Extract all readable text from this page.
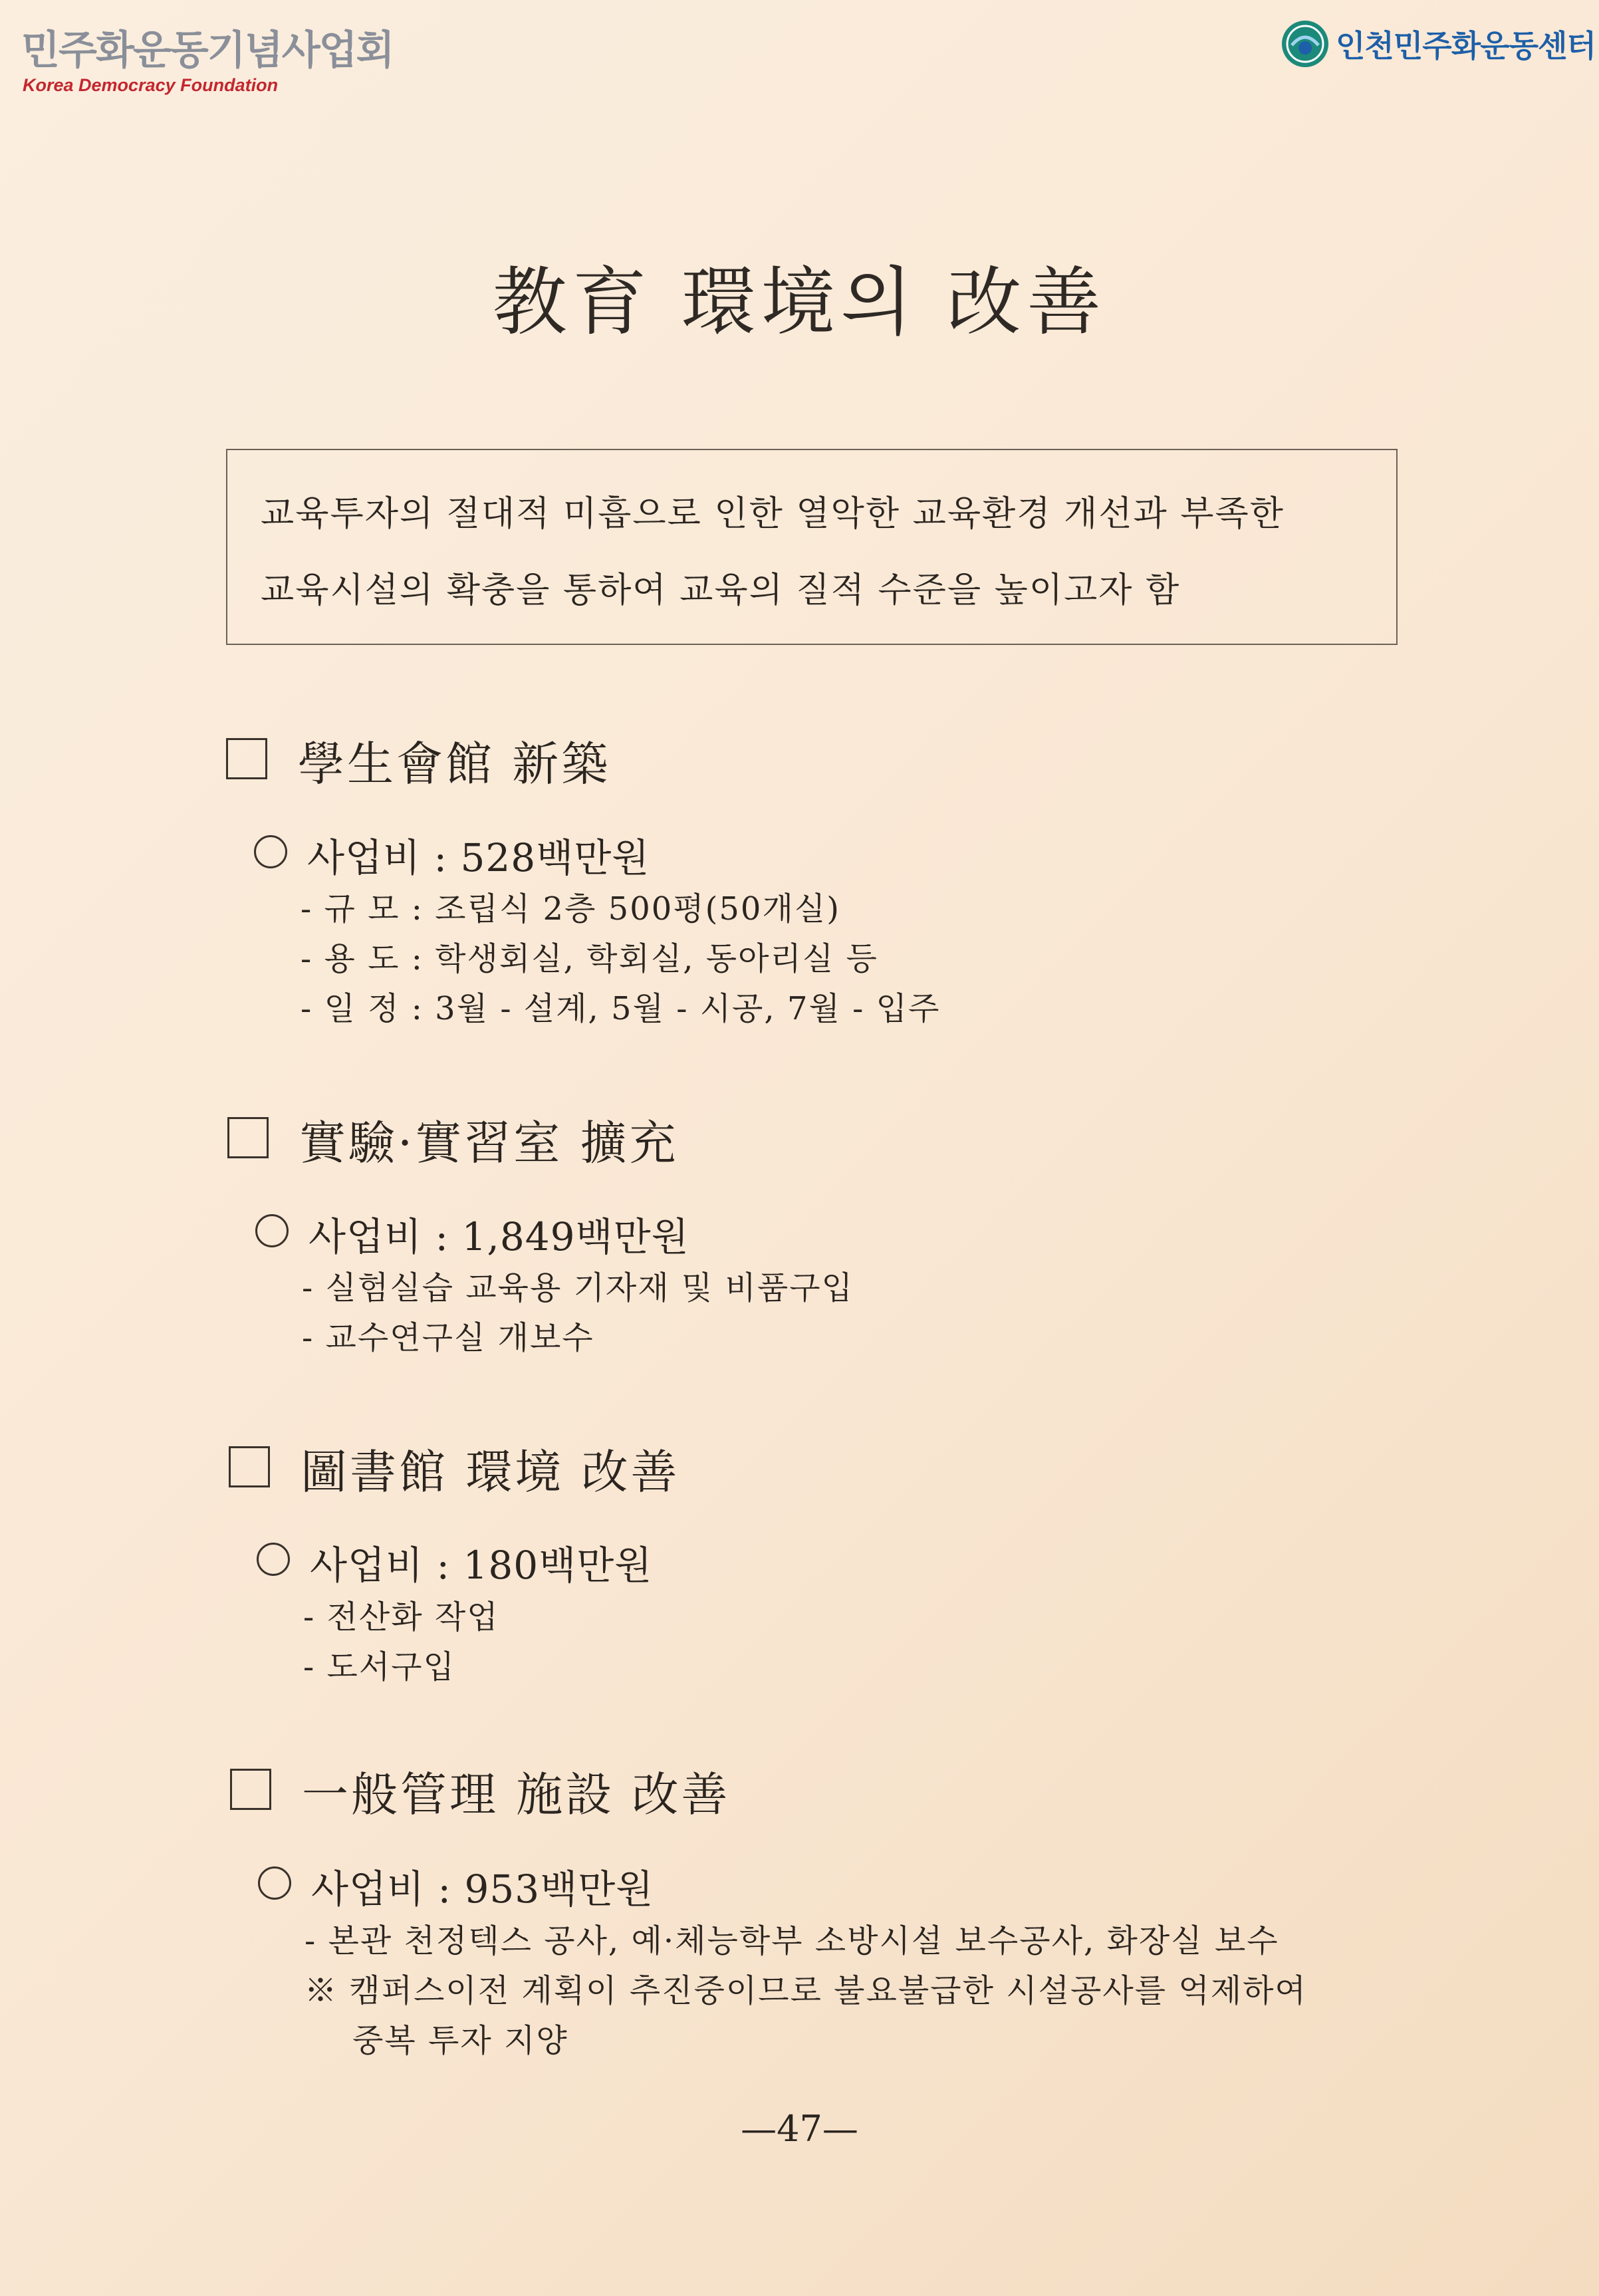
민주화운동기념사업회
Korea Democracy Foundation
인천민주화운동센터
教育 環境의 改善
교육투자의 절대적 미흡으로 인한 열악한 교육환경 개선과 부족한
교육시설의 확충을 통하여 교육의 질적 수준을 높이고자 함
學生會館 新築
사업비 : 528백만원
- 규 모 : 조립식 2층 500평(50개실)
- 용 도 : 학생회실, 학회실, 동아리실 등
- 일 정 : 3월 - 설계, 5월 - 시공, 7월 - 입주
實驗·實習室 擴充
사업비 : 1,849백만원
- 실험실습 교육용 기자재 및 비품구입
- 교수연구실 개보수
圖書館 環境 改善
사업비 : 180백만원
- 전산화 작업
- 도서구입
一般管理 施設 改善
사업비 : 953백만원
- 본관 천정텍스 공사, 예·체능학부 소방시설 보수공사, 화장실 보수
※ 캠퍼스이전 계획이 추진중이므로 불요불급한 시설공사를 억제하여
중복 투자 지양
—47—
